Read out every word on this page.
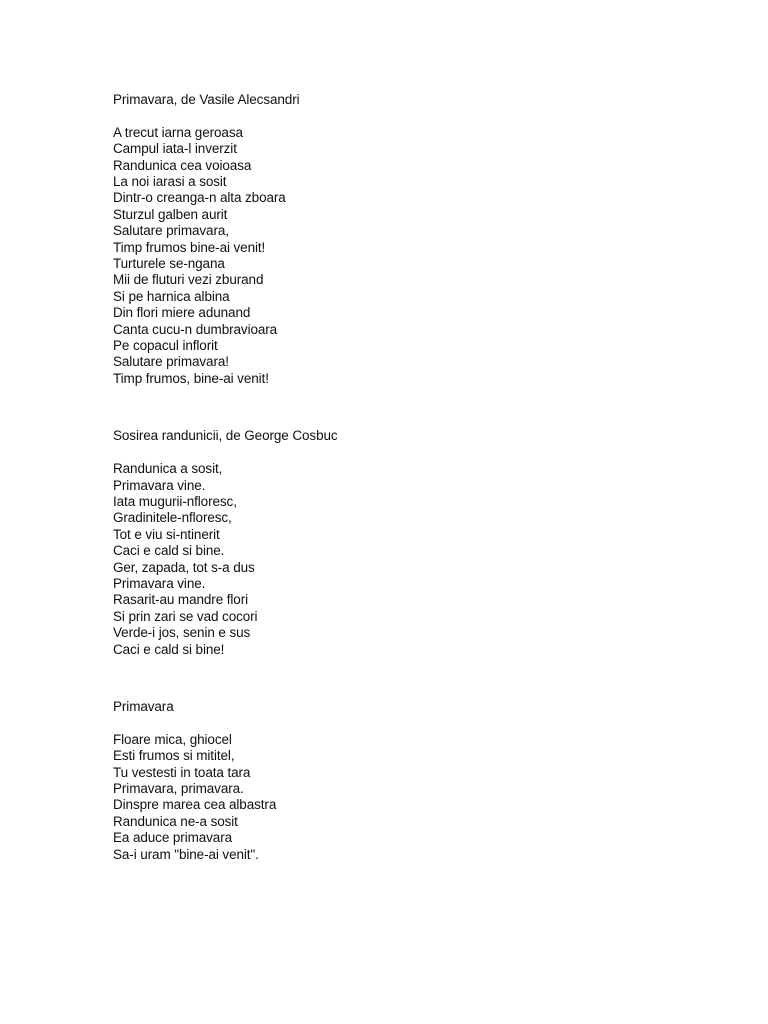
Primavara, de Vasile Alecsandri
A trecut iarna geroasa
Campul iata-l inverzit
Randunica cea voioasa
La noi iarasi a sosit
Dintr-o creanga-n alta zboara
Sturzul galben aurit
Salutare primavara,
Timp frumos bine-ai venit!
Turturele se-ngana
Mii de fluturi vezi zburand
Si pe harnica albina
Din flori miere adunand
Canta cucu-n dumbravioara
Pe copacul inflorit
Salutare primavara!
Timp frumos, bine-ai venit!
Sosirea randunicii, de George Cosbuc
Randunica a sosit,
Primavara vine.
Iata mugurii-nfloresc,
Gradinitele-nfloresc,
Tot e viu si-ntinerit
Caci e cald si bine.
Ger, zapada, tot s-a dus
Primavara vine.
Rasarit-au mandre flori
Si prin zari se vad cocori
Verde-i jos, senin e sus
Caci e cald si bine!
Primavara
Floare mica, ghiocel
Esti frumos si mititel,
Tu vestesti in toata tara
Primavara, primavara.
Dinspre marea cea albastra
Randunica ne-a sosit
Ea aduce primavara
Sa-i uram "bine-ai venit".
